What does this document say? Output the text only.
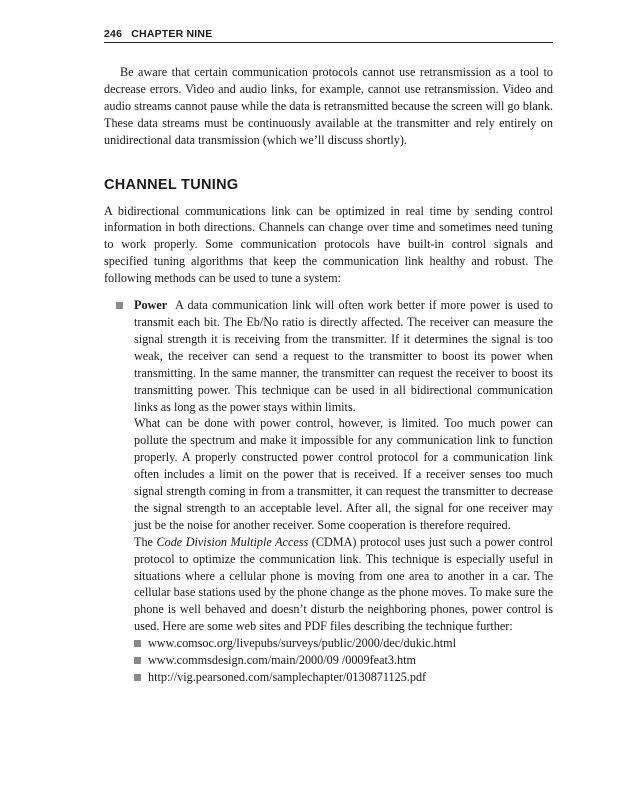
246 CHAPTER NINE

Be aware that certain communication protocols cannot use retransmission as a tool to decrease errors. Video and audio links, for example, cannot use retransmission. Video and audio streams cannot pause while the data is retransmitted because the screen will go blank. These data streams must be continuously available at the transmitter and rely entirely on unidirectional data transmission (which we’ll discuss shortly).

CHANNEL TUNING

A bidirectional communications link can be optimized in real time by sending control information in both directions. Channels can change over time and sometimes need tuning to work properly. Some communication protocols have built-in control signals and specified tuning algorithms that keep the communication link healthy and robust. The following methods can be used to tune a system:

Power A data communication link will often work better if more power is used to transmit each bit. The Eb/No ratio is directly affected. The receiver can measure the signal strength it is receiving from the transmitter. If it determines the signal is too weak, the receiver can send a request to the transmitter to boost its power when transmitting. In the same manner, the transmitter can request the receiver to boost its transmitting power. This technique can be used in all bidirectional communication links as long as the power stays within limits.

What can be done with power control, however, is limited. Too much power can pollute the spectrum and make it impossible for any communication link to function properly. A properly constructed power control protocol for a communication link often includes a limit on the power that is received. If a receiver senses too much signal strength coming in from a transmitter, it can request the transmitter to decrease the signal strength to an acceptable level. After all, the signal for one receiver may just be the noise for another receiver. Some cooperation is therefore required.

The Code Division Multiple Access (CDMA) protocol uses just such a power control protocol to optimize the communication link. This technique is especially useful in situations where a cellular phone is moving from one area to another in a car. The cellular base stations used by the phone change as the phone moves. To make sure the phone is well behaved and doesn’t disturb the neighboring phones, power control is used. Here are some web sites and PDF files describing the technique further:

www.comsoc.org/livepubs/surveys/public/2000/dec/dukic.html
www.commsdesign.com/main/2000/09 /0009feat3.htm
http://vig.pearsoned.com/samplechapter/0130871125.pdf
